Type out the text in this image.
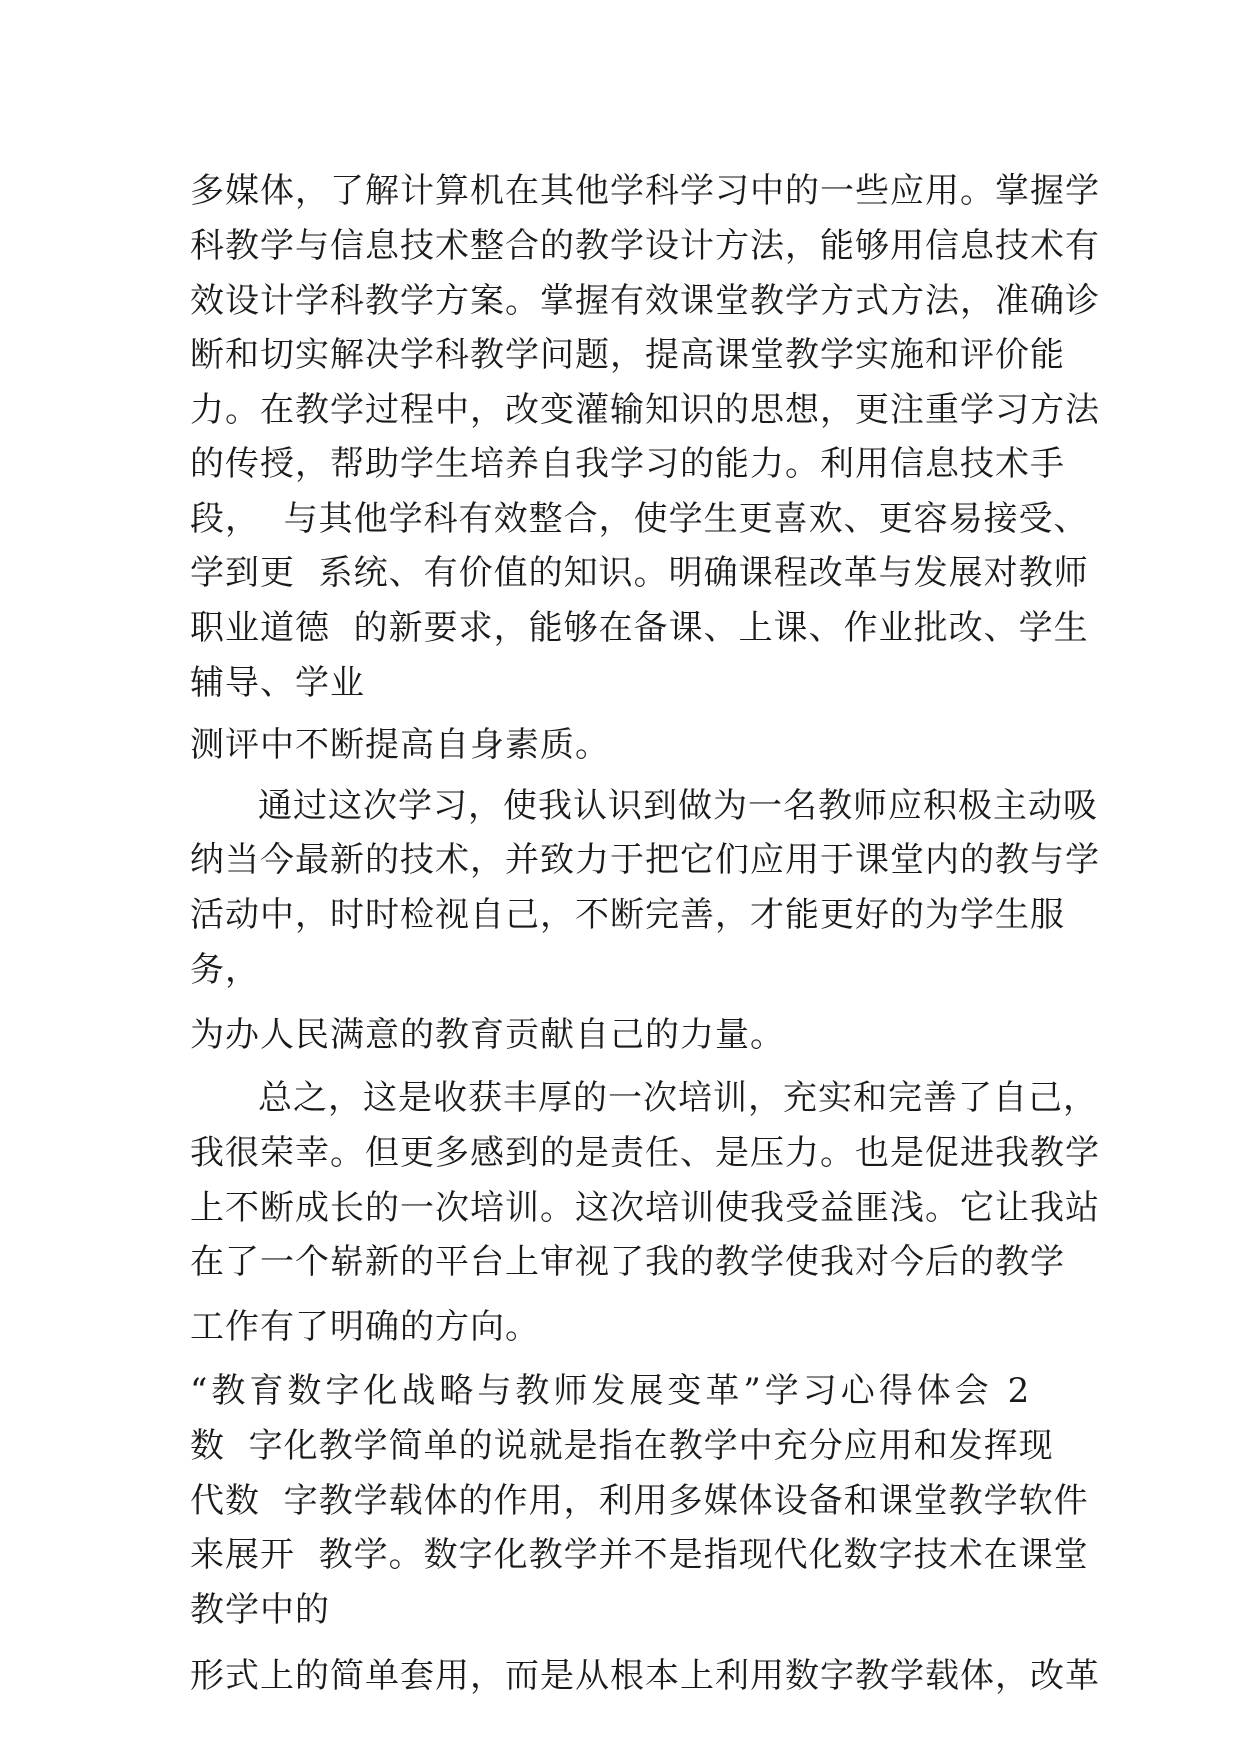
多媒体，了解计算机在其他学科学习中的一些应用。掌握学
科教学与信息技术整合的教学设计方法，能够用信息技术有
效设计学科教学方案。掌握有效课堂教学方式方法，准确诊
断和切实解决学科教学问题，提高课堂教学实施和评价能
力。在教学过程中，改变灌输知识的思想，更注重学习方法
的传授，帮助学生培养自我学习的能力。利用信息技术手
段，  与其他学科有效整合，使学生更喜欢、更容易接受、
学到更  系统、有价值的知识。明确课程改革与发展对教师
职业道德  的新要求，能够在备课、上课、作业批改、学生
辅导、学业
测评中不断提高自身素质。
通过这次学习，使我认识到做为一名教师应积极主动吸
纳当今最新的技术，并致力于把它们应用于课堂内的教与学
活动中，时时检视自己，不断完善，才能更好的为学生服
务，
为办人民满意的教育贡献自己的力量。
总之，这是收获丰厚的一次培训，充实和完善了自己，
我很荣幸。但更多感到的是责任、是压力。也是促进我教学
上不断成长的一次培训。这次培训使我受益匪浅。它让我站
在了一个崭新的平台上审视了我的教学使我对今后的教学
工作有了明确的方向。
“教育数字化战略与教师发展变革”学习心得体会 2
数  字化教学简单的说就是指在教学中充分应用和发挥现
代数  字教学载体的作用，利用多媒体设备和课堂教学软件
来展开  教学。数字化教学并不是指现代化数字技术在课堂
教学中的
形式上的简单套用，而是从根本上利用数字教学载体，改革
